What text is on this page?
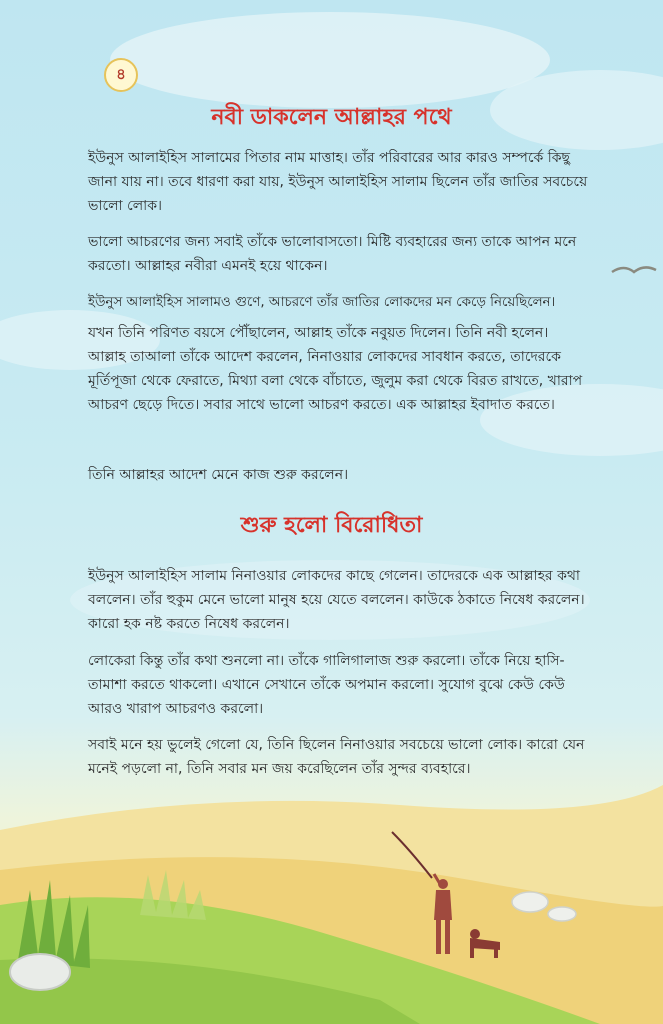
৪
নবী ডাকলেন আল্লাহর পথে

ইউনুস আলাইহিস সালামের পিতার নাম মাত্তাহ। তাঁর পরিবারের আর কারও সম্পর্কে কিছু জানা যায় না। তবে ধারণা করা যায়, ইউনুস আলাইহিস সালাম ছিলেন তাঁর জাতির সবচেয়ে ভালো লোক।

ভালো আচরণের জন্য সবাই তাঁকে ভালোবাসতো। মিষ্টি ব্যবহারের জন্য তাকে আপন মনে করতো। আল্লাহর নবীরা এমনই হয়ে থাকেন।

ইউনুস আলাইহিস সালামও গুণে, আচরণে তাঁর জাতির লোকদের মন কেড়ে নিয়েছিলেন।

যখন তিনি পরিণত বয়সে পৌঁছালেন, আল্লাহ তাঁকে নবুয়ত দিলেন। তিনি নবী হলেন। আল্লাহ তাআলা তাঁকে আদেশ করলেন, নিনাওয়ার লোকদের সাবধান করতে, তাদেরকে মূর্তিপূজা থেকে ফেরাতে, মিথ্যা বলা থেকে বাঁচাতে, জুলুম করা থেকে বিরত রাখতে, খারাপ আচরণ ছেড়ে দিতে। সবার সাথে ভালো আচরণ করতে। এক আল্লাহর ইবাদাত করতে।

তিনি আল্লাহর আদেশ মেনে কাজ শুরু করলেন।

শুরু হলো বিরোধিতা

ইউনুস আলাইহিস সালাম নিনাওয়ার লোকদের কাছে গেলেন। তাদেরকে এক আল্লাহর কথা বললেন। তাঁর হুকুম মেনে ভালো মানুষ হয়ে যেতে বললেন। কাউকে ঠকাতে নিষেধ করলেন। কারো হক নষ্ট করতে নিষেধ করলেন।

লোকেরা কিন্তু তাঁর কথা শুনলো না। তাঁকে গালিগালাজ শুরু করলো। তাঁকে নিয়ে হাসি-তামাশা করতে থাকলো। এখানে সেখানে তাঁকে অপমান করলো। সুযোগ বুঝে কেউ কেউ আরও খারাপ আচরণও করলো।

সবাই মনে হয় ভুলেই গেলো যে, তিনি ছিলেন নিনাওয়ার সবচেয়ে ভালো লোক। কারো যেন মনেই পড়লো না, তিনি সবার মন জয় করেছিলেন তাঁর সুন্দর ব্যবহারে।
